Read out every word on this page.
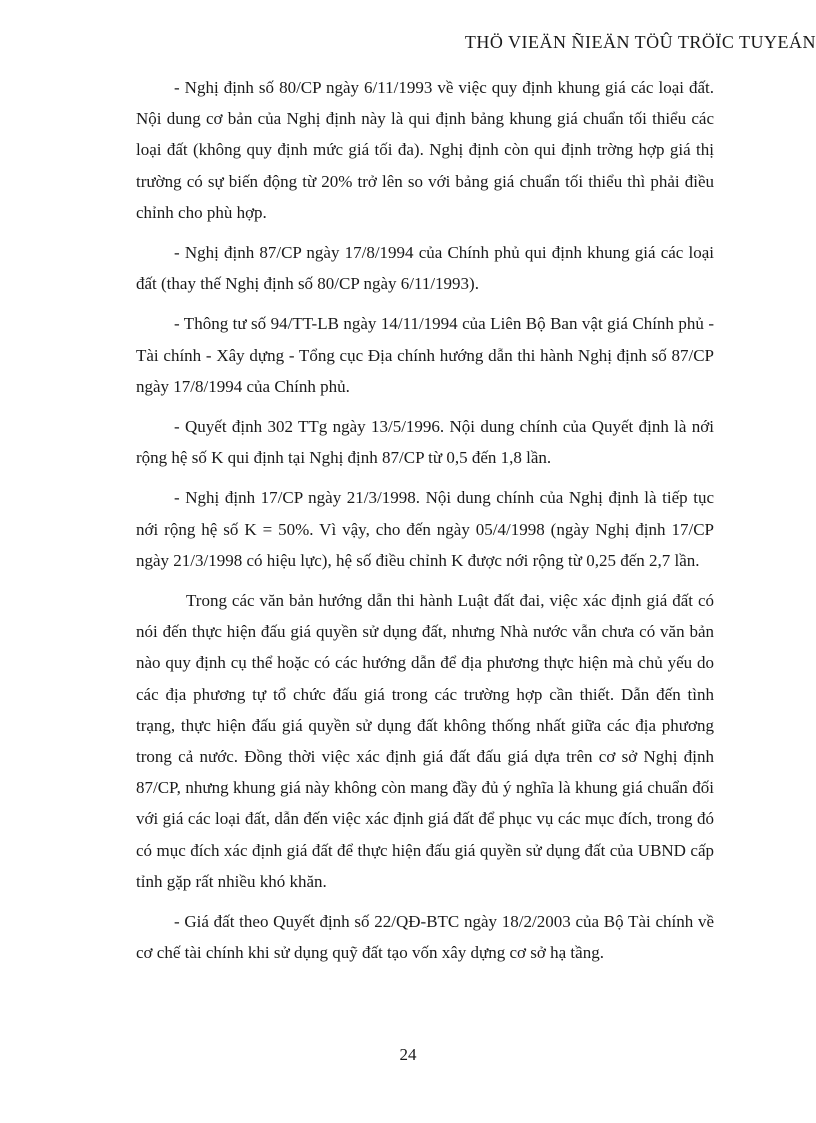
THÖ VIEÄN ÑIEÄN TÖÛ TRÖÏC TUYEÁN

- Nghị định số 80/CP ngày 6/11/1993 về việc quy định khung giá các loại đất. Nội dung cơ bản của Nghị định này là qui định bảng khung giá chuẩn tối thiểu các loại đất (không quy định mức giá tối đa). Nghị định còn qui định trờng hợp giá thị trường có sự biến động từ 20% trở lên so với bảng giá chuẩn tối thiểu thì phải điều chỉnh cho phù hợp.

- Nghị định 87/CP ngày 17/8/1994 của Chính phủ qui định khung giá các loại đất (thay thế Nghị định số 80/CP ngày 6/11/1993).

- Thông tư số 94/TT-LB ngày 14/11/1994 của Liên Bộ Ban vật giá Chính phủ - Tài chính - Xây dựng - Tổng cục Địa chính hướng dẫn thi hành Nghị định số 87/CP ngày 17/8/1994 của Chính phủ.

- Quyết định 302 TTg ngày 13/5/1996. Nội dung chính của Quyết định là nới rộng hệ số K qui định tại Nghị định 87/CP từ 0,5 đến 1,8 lần.

- Nghị định 17/CP ngày 21/3/1998. Nội dung chính của Nghị định là tiếp tục nới rộng hệ số K = 50%. Vì vậy, cho đến ngày 05/4/1998 (ngày Nghị định 17/CP ngày 21/3/1998 có hiệu lực), hệ số điều chỉnh K được nới rộng từ 0,25 đến 2,7 lần.

Trong các văn bản hướng dẫn thi hành Luật đất đai, việc xác định giá đất có nói đến thực hiện đấu giá quyền sử dụng đất, nhưng Nhà nước vẫn chưa có văn bản nào quy định cụ thể hoặc có các hướng dẫn để địa phương thực hiện mà chủ yếu do các địa phương tự tổ chức đấu giá trong các trường hợp cần thiết. Dẫn đến tình trạng, thực hiện đấu giá quyền sử dụng đất không thống nhất giữa các địa phương trong cả nước. Đồng thời việc xác định giá đất đấu giá dựa trên cơ sở Nghị định 87/CP, nhưng khung giá này không còn mang đầy đủ ý nghĩa là khung giá chuẩn đối với giá các loại đất, dẫn đến việc xác định giá đất để phục vụ các mục đích, trong đó có mục đích xác định giá đất để thực hiện đấu giá quyền sử dụng đất của UBND cấp tỉnh gặp rất nhiều khó khăn.

- Giá đất theo Quyết định số 22/QĐ-BTC ngày 18/2/2003 của Bộ Tài chính về cơ chế tài chính khi sử dụng quỹ đất tạo vốn xây dựng cơ sở hạ tầng.

24
